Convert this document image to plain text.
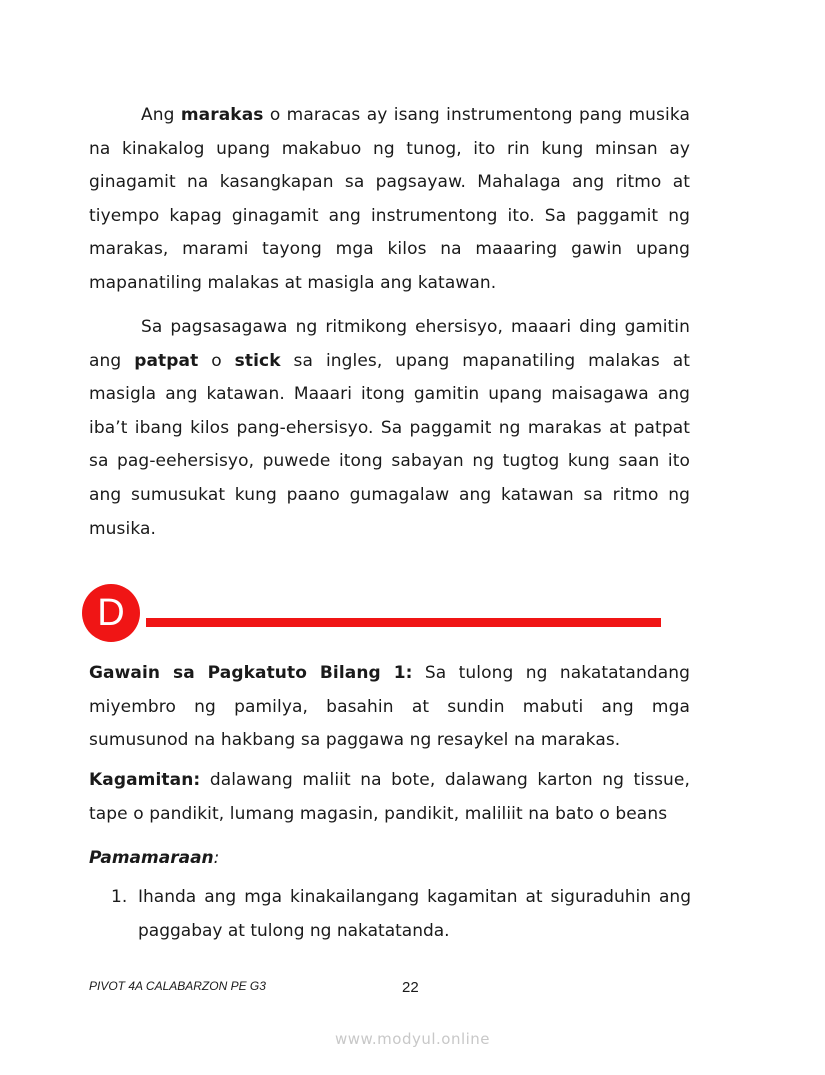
Ang marakas o maracas ay isang instrumentong pang musika na kinakalog upang makabuo ng tunog, ito rin kung minsan ay ginagamit na kasangkapan sa pagsayaw. Mahalaga ang ritmo at tiyempo kapag ginagamit ang instrumentong ito. Sa paggamit ng marakas, marami tayong mga kilos na maaaring gawin upang mapanatiling malakas at masigla ang katawan.

Sa pagsasagawa ng ritmikong ehersisyo, maaari ding gamitin ang patpat o stick sa ingles, upang mapanatiling malakas at masigla ang katawan. Maaari itong gamitin upang maisagawa ang iba’t ibang kilos pang-ehersisyo. Sa paggamit ng marakas at patpat sa pag-eehersisyo, puwede itong sabayan ng tugtog kung saan ito ang sumusukat kung paano gumagalaw ang katawan sa ritmo ng musika.

D

Gawain sa Pagkatuto Bilang 1: Sa tulong ng nakatatandang miyembro ng pamilya, basahin at sundin mabuti ang mga sumusunod na hakbang sa paggawa ng resaykel na marakas.

Kagamitan: dalawang maliit na bote, dalawang karton ng tissue, tape o pandikit, lumang magasin, pandikit, maliliit na bato o beans

Pamamaraan:
1. Ihanda ang mga kinakailangang kagamitan at siguraduhin ang paggabay at tulong ng nakatatanda.
PIVOT 4A CALABARZON PE G3	22
www.modyul.online
